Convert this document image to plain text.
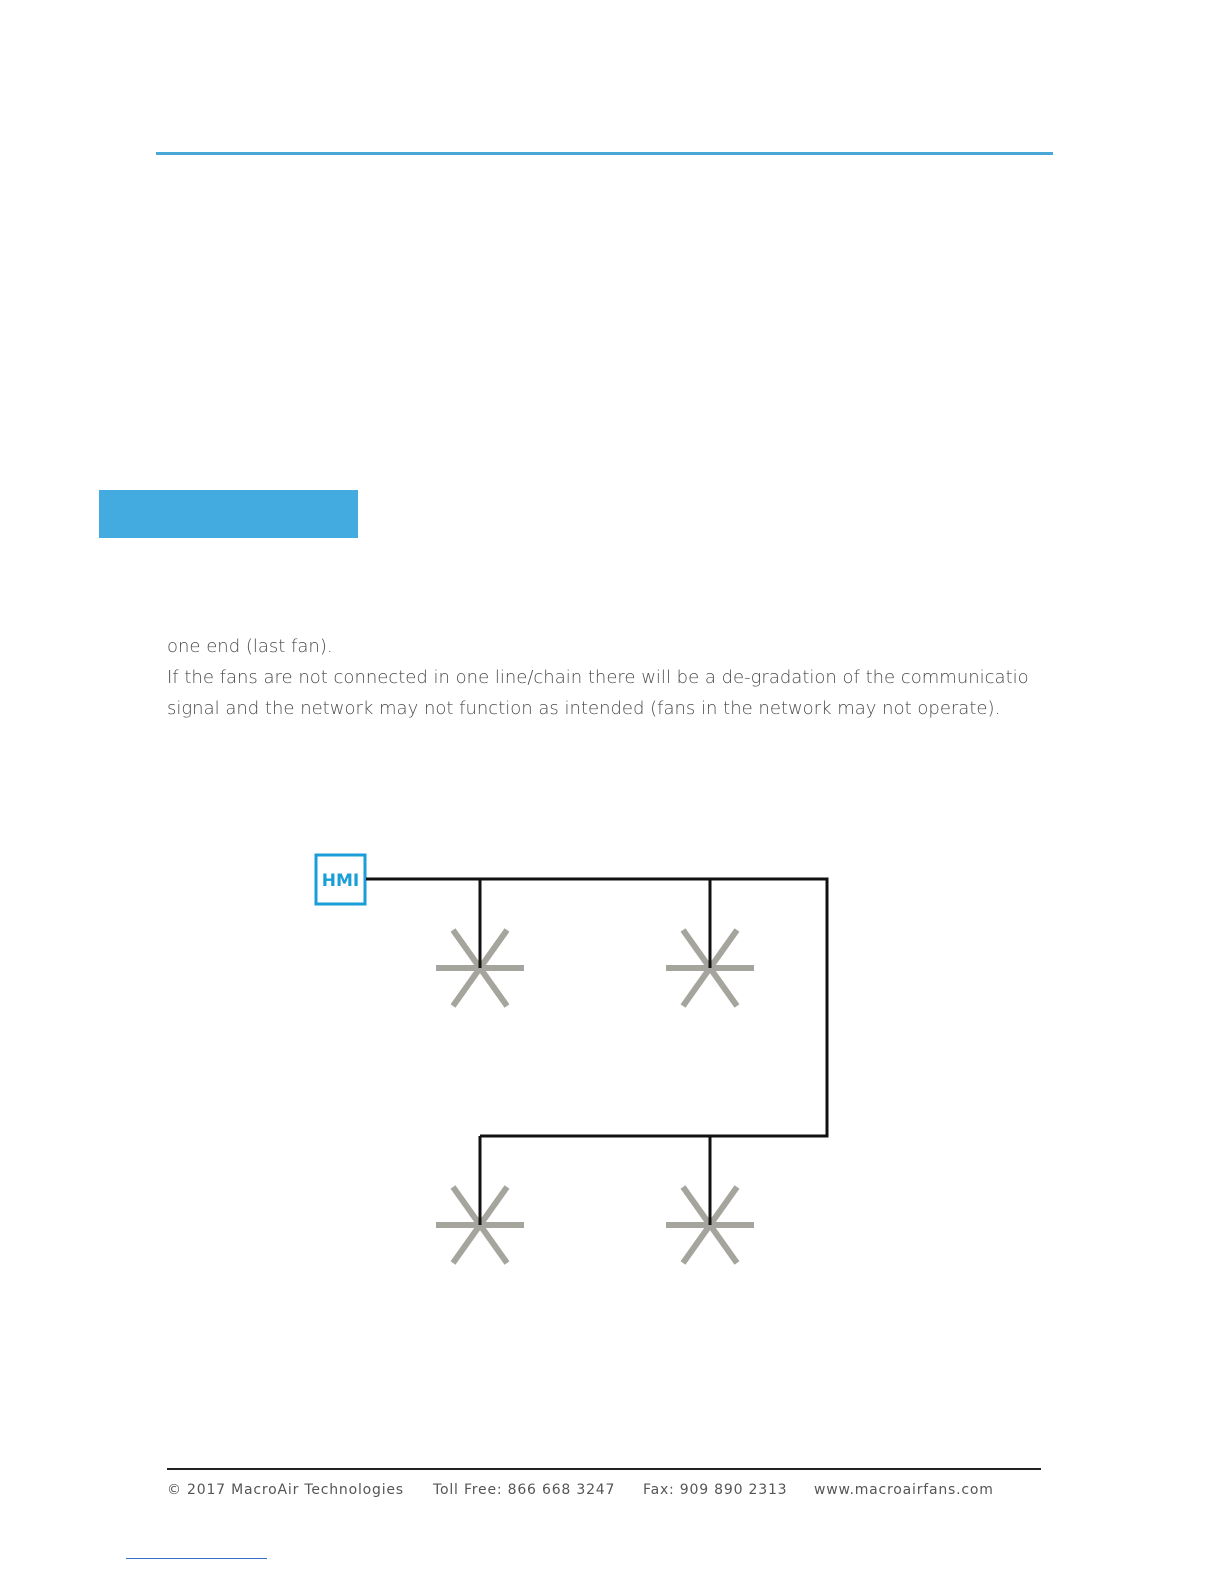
one end (last fan).
If the fans are not connected in one line/chain there will be a de-gradation of the communicatio
signal and the network may not function as intended (fans in the network may not operate).
HMI
© 2017 MacroAir Technologies Toll Free: 866 668 3247 Fax: 909 890 2313 www.macroairfans.com
